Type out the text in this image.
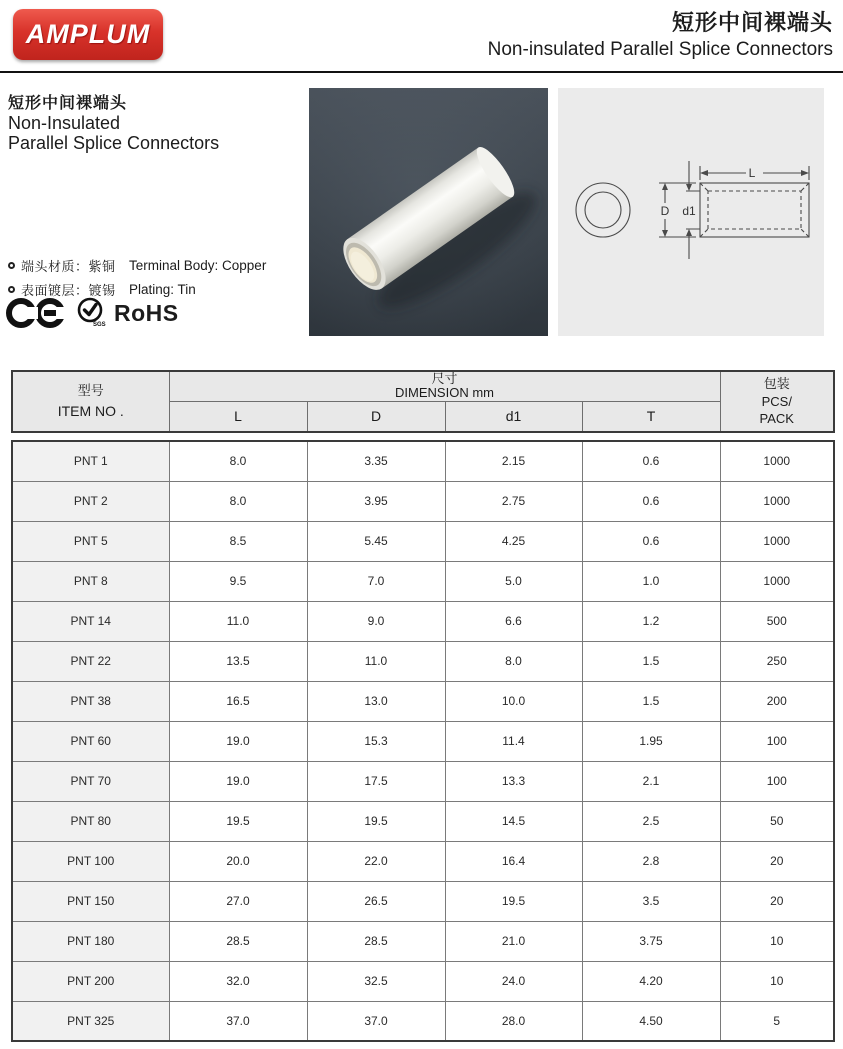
AMPLUM	短形中间裸端头
Non-insulated Parallel Splice Connectors
短形中间裸端头
Non-Insulated
Parallel Splice Connectors
端头材质：紫铜 Terminal Body: Copper
表面镀层：镀锡 Plating: Tin
SGS RoHS
L
D d1
型号
ITEM NO .

尺寸
DIMENSION mm

包装
PCS/
PACK

	L	D	d1	T	
PNT 1	8.0	3.35	2.15	0.6	1000
PNT 2	8.0	3.95	2.75	0.6	1000
PNT 5	8.5	5.45	4.25	0.6	1000
PNT 8	9.5	7.0	5.0	1.0	1000
PNT 14	11.0	9.0	6.6	1.2	500
PNT 22	13.5	11.0	8.0	1.5	250
PNT 38	16.5	13.0	10.0	1.5	200
PNT 60	19.0	15.3	11.4	1.95	100
PNT 70	19.0	17.5	13.3	2.1	100
PNT 80	19.5	19.5	14.5	2.5	50
PNT 100	20.0	22.0	16.4	2.8	20
PNT 150	27.0	26.5	19.5	3.5	20
PNT 180	28.5	28.5	21.0	3.75	10
PNT 200	32.0	32.5	24.0	4.20	10
PNT 325	37.0	37.0	28.0	4.50	5
